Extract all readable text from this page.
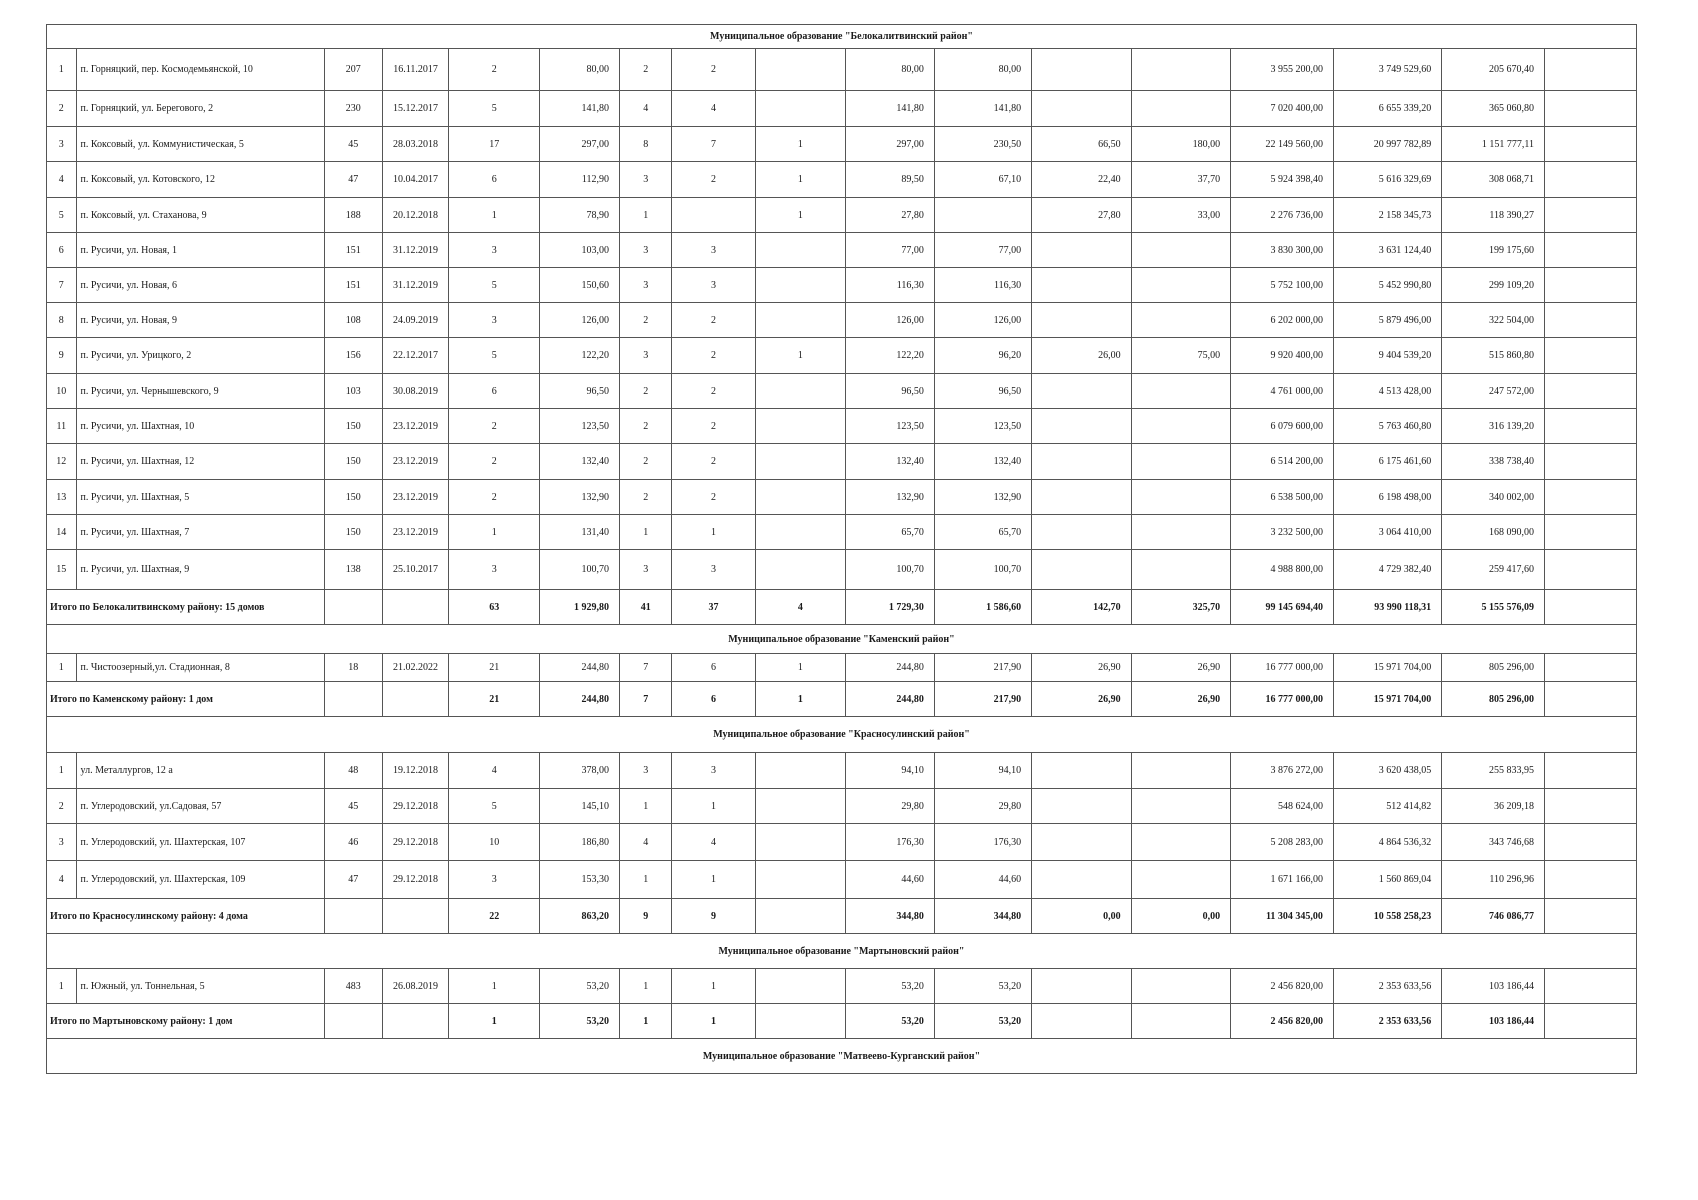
Муниципальное образование "Белокалитвинский район"																
1	п. Горняцкий, пер. Космодемьянской, 10	207	16.11.2017	2	80,00	2	2		80,00	80,00			3 955 200,00	3 749 529,60	205 670,40	
2	п. Горняцкий, ул. Берегового, 2	230	15.12.2017	5	141,80	4	4		141,80	141,80			7 020 400,00	6 655 339,20	365 060,80	
3	п. Коксовый, ул. Коммунистическая, 5	45	28.03.2018	17	297,00	8	7	1	297,00	230,50	66,50	180,00	22 149 560,00	20 997 782,89	1 151 777,11	
4	п. Коксовый, ул. Котовского, 12	47	10.04.2017	6	112,90	3	2	1	89,50	67,10	22,40	37,70	5 924 398,40	5 616 329,69	308 068,71	
5	п. Коксовый, ул. Стаханова, 9	188	20.12.2018	1	78,90	1		1	27,80		27,80	33,00	2 276 736,00	2 158 345,73	118 390,27	
6	п. Русичи, ул. Новая, 1	151	31.12.2019	3	103,00	3	3		77,00	77,00			3 830 300,00	3 631 124,40	199 175,60	
7	п. Русичи, ул. Новая, 6	151	31.12.2019	5	150,60	3	3		116,30	116,30			5 752 100,00	5 452 990,80	299 109,20	
8	п. Русичи, ул. Новая, 9	108	24.09.2019	3	126,00	2	2		126,00	126,00			6 202 000,00	5 879 496,00	322 504,00	
9	п. Русичи, ул. Урицкого, 2	156	22.12.2017	5	122,20	3	2	1	122,20	96,20	26,00	75,00	9 920 400,00	9 404 539,20	515 860,80	
10	п. Русичи, ул. Чернышевского, 9	103	30.08.2019	6	96,50	2	2		96,50	96,50			4 761 000,00	4 513 428,00	247 572,00	
11	п. Русичи, ул. Шахтная, 10	150	23.12.2019	2	123,50	2	2		123,50	123,50			6 079 600,00	5 763 460,80	316 139,20	
12	п. Русичи, ул. Шахтная, 12	150	23.12.2019	2	132,40	2	2		132,40	132,40			6 514 200,00	6 175 461,60	338 738,40	
13	п. Русичи, ул. Шахтная, 5	150	23.12.2019	2	132,90	2	2		132,90	132,90			6 538 500,00	6 198 498,00	340 002,00	
14	п. Русичи, ул. Шахтная, 7	150	23.12.2019	1	131,40	1	1		65,70	65,70			3 232 500,00	3 064 410,00	168 090,00	
15	п. Русичи, ул. Шахтная, 9	138	25.10.2017	3	100,70	3	3		100,70	100,70			4 988 800,00	4 729 382,40	259 417,60	
Итого по Белокалитвинскому району: 15 домов				63	1 929,80	41	37	4	1 729,30	1 586,60	142,70	325,70	99 145 694,40	93 990 118,31	5 155 576,09	
Муниципальное образование "Каменский район"																
1	п. Чистоозерный,ул. Стадионная, 8	18	21.02.2022	21	244,80	7	6	1	244,80	217,90	26,90	26,90	16 777 000,00	15 971 704,00	805 296,00	
Итого по Каменскому району: 1 дом				21	244,80	7	6	1	244,80	217,90	26,90	26,90	16 777 000,00	15 971 704,00	805 296,00	
Муниципальное образование "Красносулинский район"																
1	ул. Металлургов, 12 а	48	19.12.2018	4	378,00	3	3		94,10	94,10			3 876 272,00	3 620 438,05	255 833,95	
2	п. Углеродовский, ул.Садовая, 57	45	29.12.2018	5	145,10	1	1		29,80	29,80			548 624,00	512 414,82	36 209,18	
3	п. Углеродовский, ул. Шахтерская, 107	46	29.12.2018	10	186,80	4	4		176,30	176,30			5 208 283,00	4 864 536,32	343 746,68	
4	п. Углеродовский, ул. Шахтерская, 109	47	29.12.2018	3	153,30	1	1		44,60	44,60			1 671 166,00	1 560 869,04	110 296,96	
Итого по Красносулинскому району: 4 дома				22	863,20	9	9		344,80	344,80	0,00	0,00	11 304 345,00	10 558 258,23	746 086,77	
Муниципальное образование "Мартыновский район"																
1	п. Южный, ул. Тоннельная, 5	483	26.08.2019	1	53,20	1	1		53,20	53,20			2 456 820,00	2 353 633,56	103 186,44	
Итого по Мартыновскому району: 1 дом				1	53,20	1	1		53,20	53,20			2 456 820,00	2 353 633,56	103 186,44	
Муниципальное образование "Матвеево-Курганский район"																
